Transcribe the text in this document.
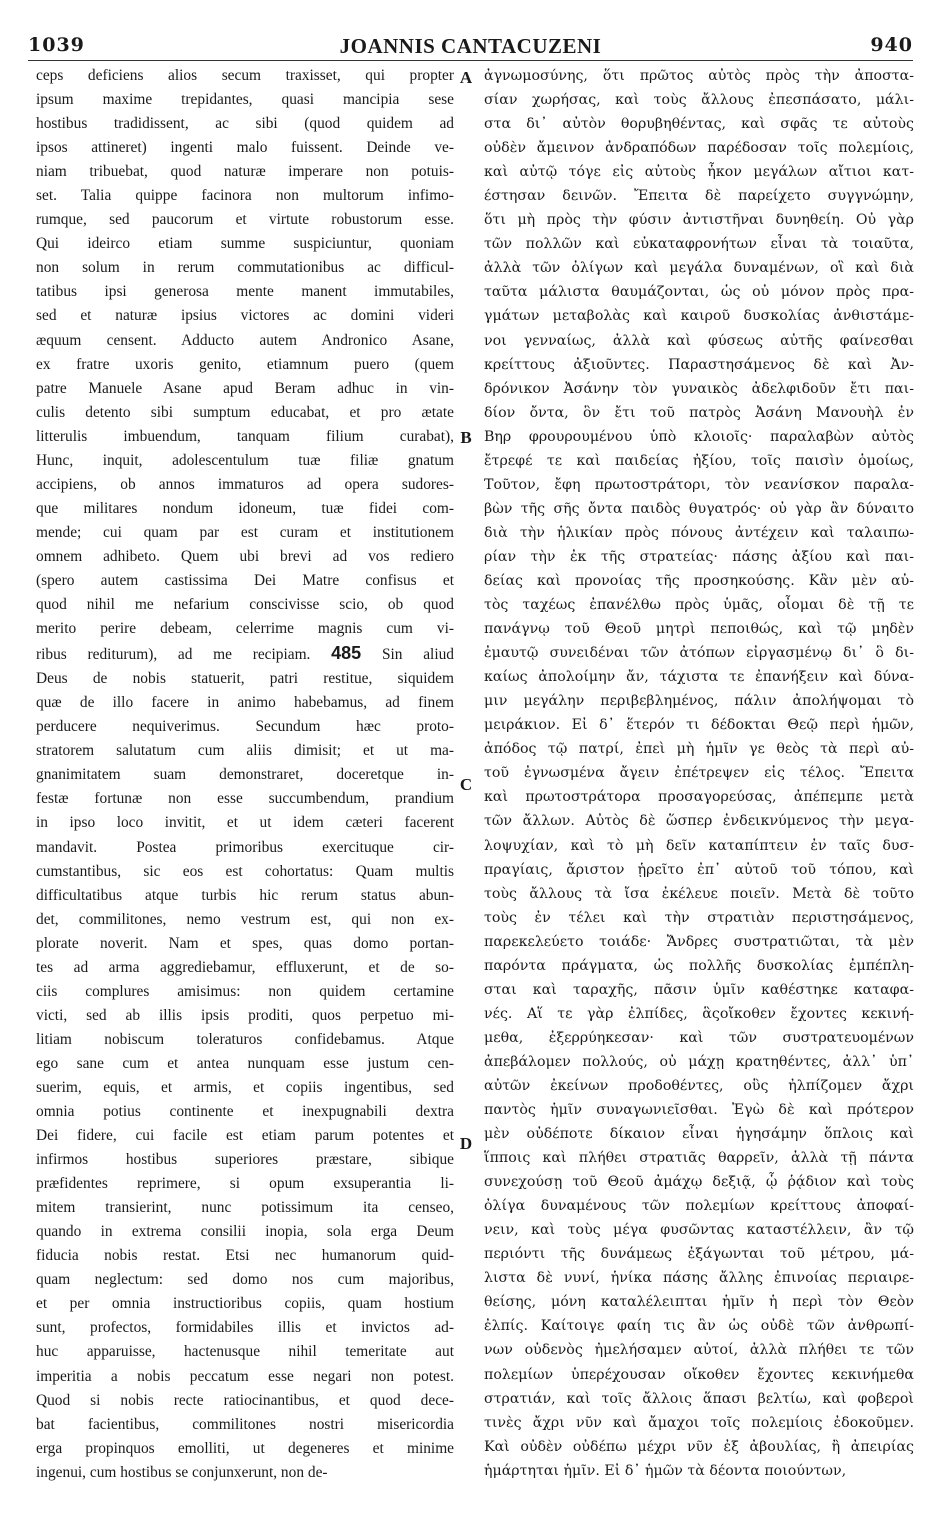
1039	JOANNIS CANTACUZENI	940
ceps deficiens alios secum traxisset, qui propter
ipsum maxime trepidantes, quasi mancipia sese
hostibus tradidissent, ac sibi (quod quidem ad
ipsos attineret) ingenti malo fuissent. Deinde ve-
niam tribuebat, quod naturæ imperare non potuis-
set. Talia quippe facinora non multorum infimo-
rumque, sed paucorum et virtute robustorum esse.
Qui ideirco etiam summe suspiciuntur, quoniam
non solum in rerum commutationibus ac difficul-
tatibus ipsi generosa mente manent immutabiles,
sed et naturæ ipsius victores ac domini videri
æquum censent. Adducto autem Andronico Asane,
ex fratre uxoris genito, etiamnum puero (quem
patre Manuele Asane apud Beram adhuc in vin-
culis detento sibi sumptum educabat, et pro ætate
litterulis imbuendum, tanquam filium curabat),
Hunc, inquit, adolescentulum tuæ filiæ gnatum
accipiens, ob annos immaturos ad opera sudores-
que militares nondum idoneum, tuæ fidei com-
mende; cui quam par est curam et institutionem
omnem adhibeto. Quem ubi brevi ad vos rediero
(spero autem castissima Dei Matre confisus et
quod nihil me nefarium conscivisse scio, ob quod
merito perire debeam, celerrime magnis cum vi-
ribus rediturum), ad me recipiam. 485 Sin aliud
Deus de nobis statuerit, patri restitue, siquidem
quæ de illo facere in animo habebamus, ad finem
perducere nequiverimus. Secundum hæc proto-
stratorem salutatum cum aliis dimisit; et ut ma-
gnanimitatem suam demonstraret, doceretque in-
festæ fortunæ non esse succumbendum, prandium
in ipso loco invitit, et ut idem cæteri facerent
mandavit. Postea primoribus exercituque cir-
cumstantibus, sic eos est cohortatus: Quam multis
difficultatibus atque turbis hic rerum status abun-
det, commilitones, nemo vestrum est, qui non ex-
plorate noverit. Nam et spes, quas domo portan-
tes ad arma aggrediebamur, effluxerunt, et de so-
ciis complures amisimus: non quidem certamine
victi, sed ab illis ipsis proditi, quos perpetuo mi-
litiam nobiscum toleraturos confidebamus. Atque
ego sane cum et antea nunquam esse justum cen-
suerim, equis, et armis, et copiis ingentibus, sed
omnia potius continente et inexpugnabili dextra
Dei fidere, cui facile est etiam parum potentes et
infirmos hostibus superiores præstare, sibique
præfidentes reprimere, si opum exsuperantia li-
mitem transierint, nunc potissimum ita censeo,
quando in extrema consilii inopia, sola erga Deum
fiducia nobis restat. Etsi nec humanorum quid-
quam neglectum: sed domo nos cum majoribus,
et per omnia instructioribus copiis, quam hostium
sunt, profectos, formidabiles illis et invictos ad-
huc apparuisse, hactenusque nihil temeritate aut
imperitia a nobis peccatum esse negari non potest.
Quod si nobis recte ratiocinantibus, et quod dece-
bat facientibus, commilitones nostri misericordia
erga propinquos emolliti, ut degeneres et minime
ingenui, cum hostibus se conjunxerunt, non de-
ἀγνωμοσύνης, ὅτι πρῶτος αὐτὸς πρὸς τὴν ἀποστα-
σίαν χωρήσας, καὶ τοὺς ἄλλους ἐπεσπάσατο, μάλι-
στα δι᾽ αὐτὸν θορυβηθέντας, καὶ σφᾶς τε αὐτοὺς
οὐδὲν ἄμεινον ἀνδραπόδων παρέδοσαν τοῖς πολεμίοις,
καὶ αὐτῷ τόγε εἰς αὐτοὺς ἧκον μεγάλων αἴτιοι κατ-
έστησαν δεινῶν. Ἔπειτα δὲ παρείχετο συγγνώμην,
ὅτι μὴ πρὸς τὴν φύσιν ἀντιστῆναι δυνηθείη. Οὐ γὰρ
τῶν πολλῶν καὶ εὐκαταφρονήτων εἶναι τὰ τοιαῦτα,
ἀλλὰ τῶν ὀλίγων καὶ μεγάλα δυναμένων, οἳ καὶ διὰ
ταῦτα μάλιστα θαυμάζονται, ὡς οὐ μόνον πρὸς πρα-
γμάτων μεταβολὰς καὶ καιροῦ δυσκολίας ἀνθιστάμε-
νοι γενναίως, ἀλλὰ καὶ φύσεως αὐτῆς φαίνεσθαι
κρείττους ἀξιοῦντες. Παραστησάμενος δὲ καὶ Ἀν-
δρόνικον Ἀσάνην τὸν γυναικὸς ἀδελφιδοῦν ἔτι παι-
δίον ὄντα, ὃν ἔτι τοῦ πατρὸς Ἀσάνη Μανουὴλ ἐν
Βηρ φρουρουμένου ὑπὸ κλοιοῖς· παραλαβὼν αὐτὸς
ἔτρεφέ τε καὶ παιδείας ἠξίου, τοῖς παισὶν ὁμοίως,
Τοῦτον, ἔφη πρωτοστράτορι, τὸν νεανίσκον παραλα-
βὼν τῆς σῆς ὄντα παιδὸς θυγατρός· οὐ γὰρ ἂν δύναιτο
διὰ τὴν ἡλικίαν πρὸς πόνους ἀντέχειν καὶ ταλαιπω-
ρίαν τὴν ἐκ τῆς στρατείας· πάσης ἀξίου καὶ παι-
δείας καὶ προνοίας τῆς προσηκούσης. Κἂν μὲν αὐ-
τὸς ταχέως ἐπανέλθω πρὸς ὑμᾶς, οἶομαι δὲ τῇ τε
πανάγνῳ τοῦ Θεοῦ μητρὶ πεποιθώς, καὶ τῷ μηδὲν
ἐμαυτῷ συνειδέναι τῶν ἀτόπων εἰργασμένῳ δι᾽ ὃ δι-
καίως ἀπολοίμην ἄν, τάχιστα τε ἐπανήξειν καὶ δύνα-
μιν μεγάλην περιβεβλημένος, πάλιν ἀπολήψομαι τὸ
μειράκιον. Εἰ δ᾽ ἕτερόν τι δέδοκται Θεῷ περὶ ἡμῶν,
ἀπόδος τῷ πατρί, ἐπεὶ μὴ ἡμῖν γε θεὸς τὰ περὶ αὐ-
τοῦ ἐγνωσμένα ἄγειν ἐπέτρεψεν εἰς τέλος. Ἔπειτα
καὶ πρωτοστράτορα προσαγορεύσας, ἀπέπεμπε μετὰ
τῶν ἄλλων. Αὐτὸς δὲ ὥσπερ ἐνδεικνύμενος τὴν μεγα-
λοψυχίαν, καὶ τὸ μὴ δεῖν καταπίπτειν ἐν ταῖς δυσ-
πραγίαις, ἄριστον ᾑρεῖτο ἐπ᾽ αὐτοῦ τοῦ τόπου, καὶ
τοὺς ἄλλους τὰ ἴσα ἐκέλευε ποιεῖν. Μετὰ δὲ τοῦτο
τοὺς ἐν τέλει καὶ τὴν στρατιὰν περιστησάμενος,
παρεκελεύετο τοιάδε· Ἄνδρες συστρατιῶται, τὰ μὲν
παρόντα πράγματα, ὡς πολλῆς δυσκολίας ἐμπέπλη-
σται καὶ ταραχῆς, πᾶσιν ὑμῖν καθέστηκε καταφα-
νές. Αἵ τε γὰρ ἐλπίδες, ἃςοἴκοθεν ἔχοντες κεκινή-
μεθα, ἐξερρύηκεσαν· καὶ τῶν συστρατευομένων
ἀπεβάλομεν πολλούς, οὐ μάχῃ κρατηθέντες, ἀλλ᾽ ὑπ᾽
αὐτῶν ἐκείνων προδοθέντες, οὓς ἠλπίζομεν ἄχρι
παντὸς ἡμῖν συναγωνιεῖσθαι. Ἐγὼ δὲ καὶ πρότερον
μὲν οὐδέποτε δίκαιον εἶναι ἡγησάμην ὅπλοις καὶ
ἵπποις καὶ πλήθει στρατιᾶς θαρρεῖν, ἀλλὰ τῇ πάντα
συνεχούσῃ τοῦ Θεοῦ ἀμάχῳ δεξιᾷ, ᾧ ῥᾴδιον καὶ τοὺς
ὀλίγα δυναμένους τῶν πολεμίων κρείττους ἀποφαί-
νειν, καὶ τοὺς μέγα φυσῶντας καταστέλλειν, ἂν τῷ
περιόντι τῆς δυνάμεως ἐξάγωνται τοῦ μέτρου, μά-
λιστα δὲ νυνί, ἡνίκα πάσης ἄλλης ἐπινοίας περιαιρε-
θείσης, μόνη καταλέλειπται ἡμῖν ἡ περὶ τὸν Θεὸν
ἐλπίς. Καίτοιγε φαίη τις ἂν ὡς οὐδὲ τῶν ἀνθρωπί-
νων οὐδενὸς ἠμελήσαμεν αὐτοί, ἀλλὰ πλήθει τε τῶν
πολεμίων ὑπερέχουσαν οἴκοθεν ἔχοντες κεκινήμεθα
στρατιάν, καὶ τοῖς ἄλλοις ἅπασι βελτίω, καὶ φοβεροὶ
τινὲς ἄχρι νῦν καὶ ἄμαχοι τοῖς πολεμίοις ἐδοκοῦμεν.
Καὶ οὐδὲν οὐδέπω μέχρι νῦν ἐξ ἀβουλίας, ἢ ἀπειρίας
ἡμάρτηται ἡμῖν. Εἰ δ᾽ ἡμῶν τὰ δέοντα ποιούντων,
A
B
C
D
